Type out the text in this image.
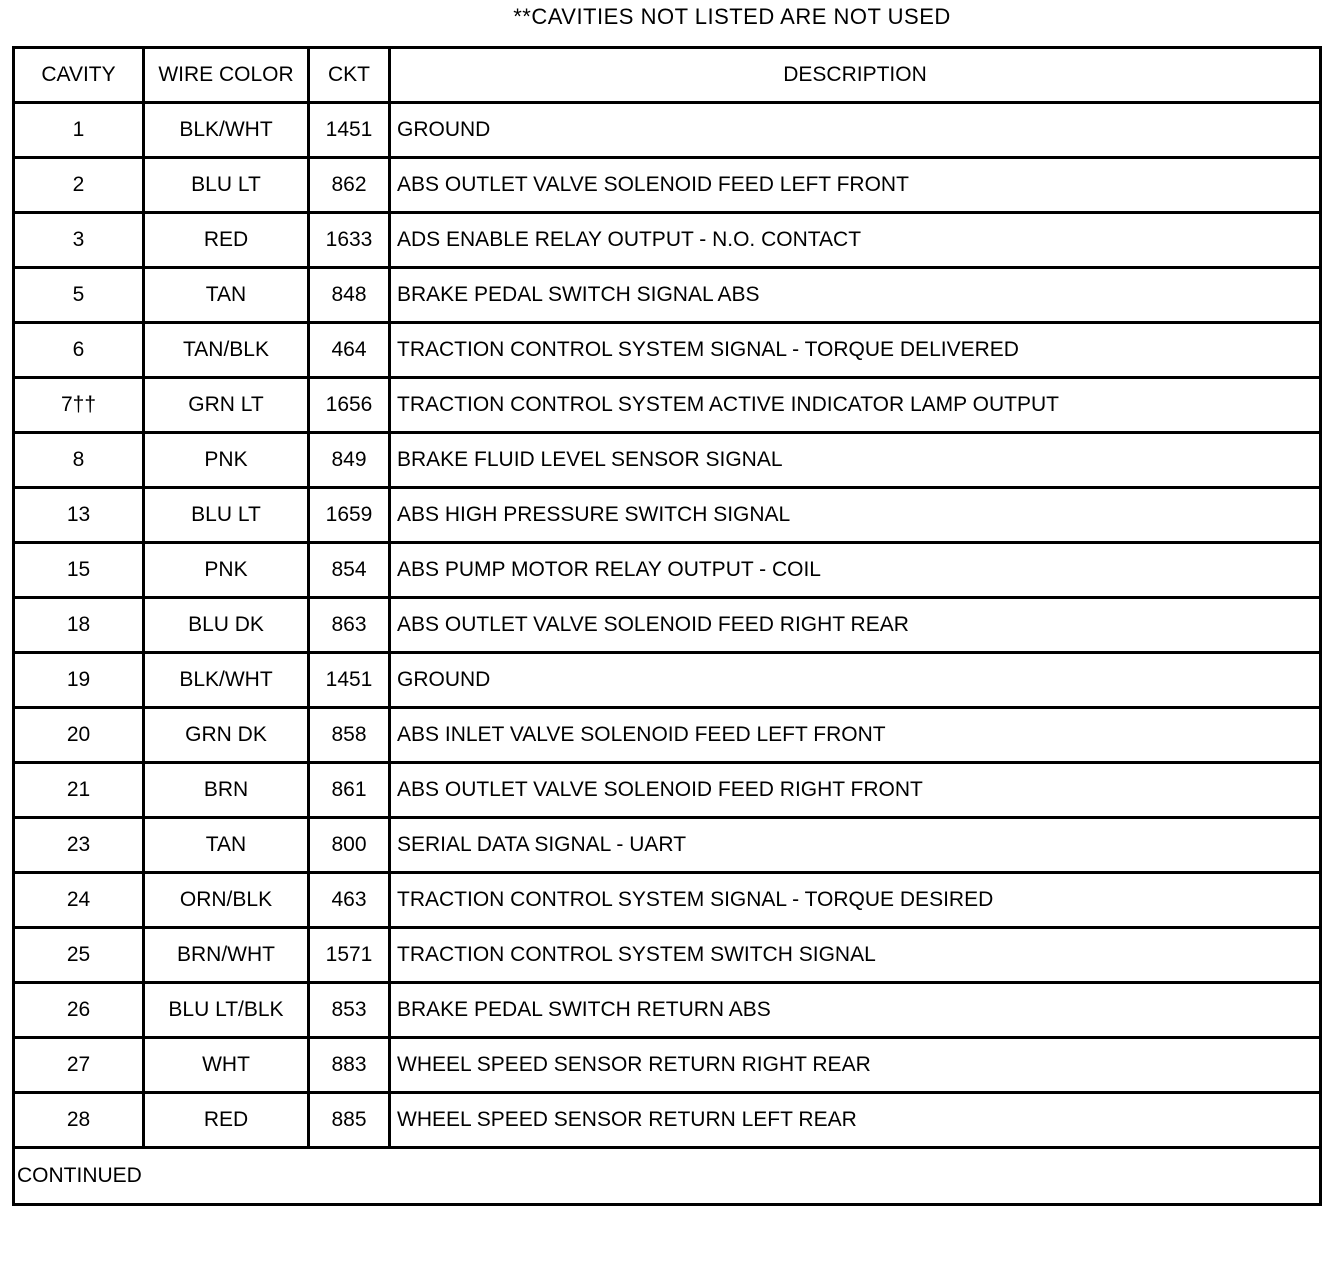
**CAVITIES NOT LISTED ARE NOT USED
CAVITY	WIRE COLOR	CKT	DESCRIPTION
1	BLK/WHT	1451	GROUND
2	BLU LT	862	ABS OUTLET VALVE SOLENOID FEED LEFT FRONT
3	RED	1633	ADS ENABLE RELAY OUTPUT - N.O. CONTACT
5	TAN	848	BRAKE PEDAL SWITCH SIGNAL ABS
6	TAN/BLK	464	TRACTION CONTROL SYSTEM SIGNAL - TORQUE DELIVERED
7††	GRN LT	1656	TRACTION CONTROL SYSTEM ACTIVE INDICATOR LAMP OUTPUT
8	PNK	849	BRAKE FLUID LEVEL SENSOR SIGNAL
13	BLU LT	1659	ABS HIGH PRESSURE SWITCH SIGNAL
15	PNK	854	ABS PUMP MOTOR RELAY OUTPUT - COIL
18	BLU DK	863	ABS OUTLET VALVE SOLENOID FEED RIGHT REAR
19	BLK/WHT	1451	GROUND
20	GRN DK	858	ABS INLET VALVE SOLENOID FEED LEFT FRONT
21	BRN	861	ABS OUTLET VALVE SOLENOID FEED RIGHT FRONT
23	TAN	800	SERIAL DATA SIGNAL - UART
24	ORN/BLK	463	TRACTION CONTROL SYSTEM SIGNAL - TORQUE DESIRED
25	BRN/WHT	1571	TRACTION CONTROL SYSTEM SWITCH SIGNAL
26	BLU LT/BLK	853	BRAKE PEDAL SWITCH RETURN ABS
27	WHT	883	WHEEL SPEED SENSOR RETURN RIGHT REAR
28	RED	885	WHEEL SPEED SENSOR RETURN LEFT REAR
CONTINUED			
